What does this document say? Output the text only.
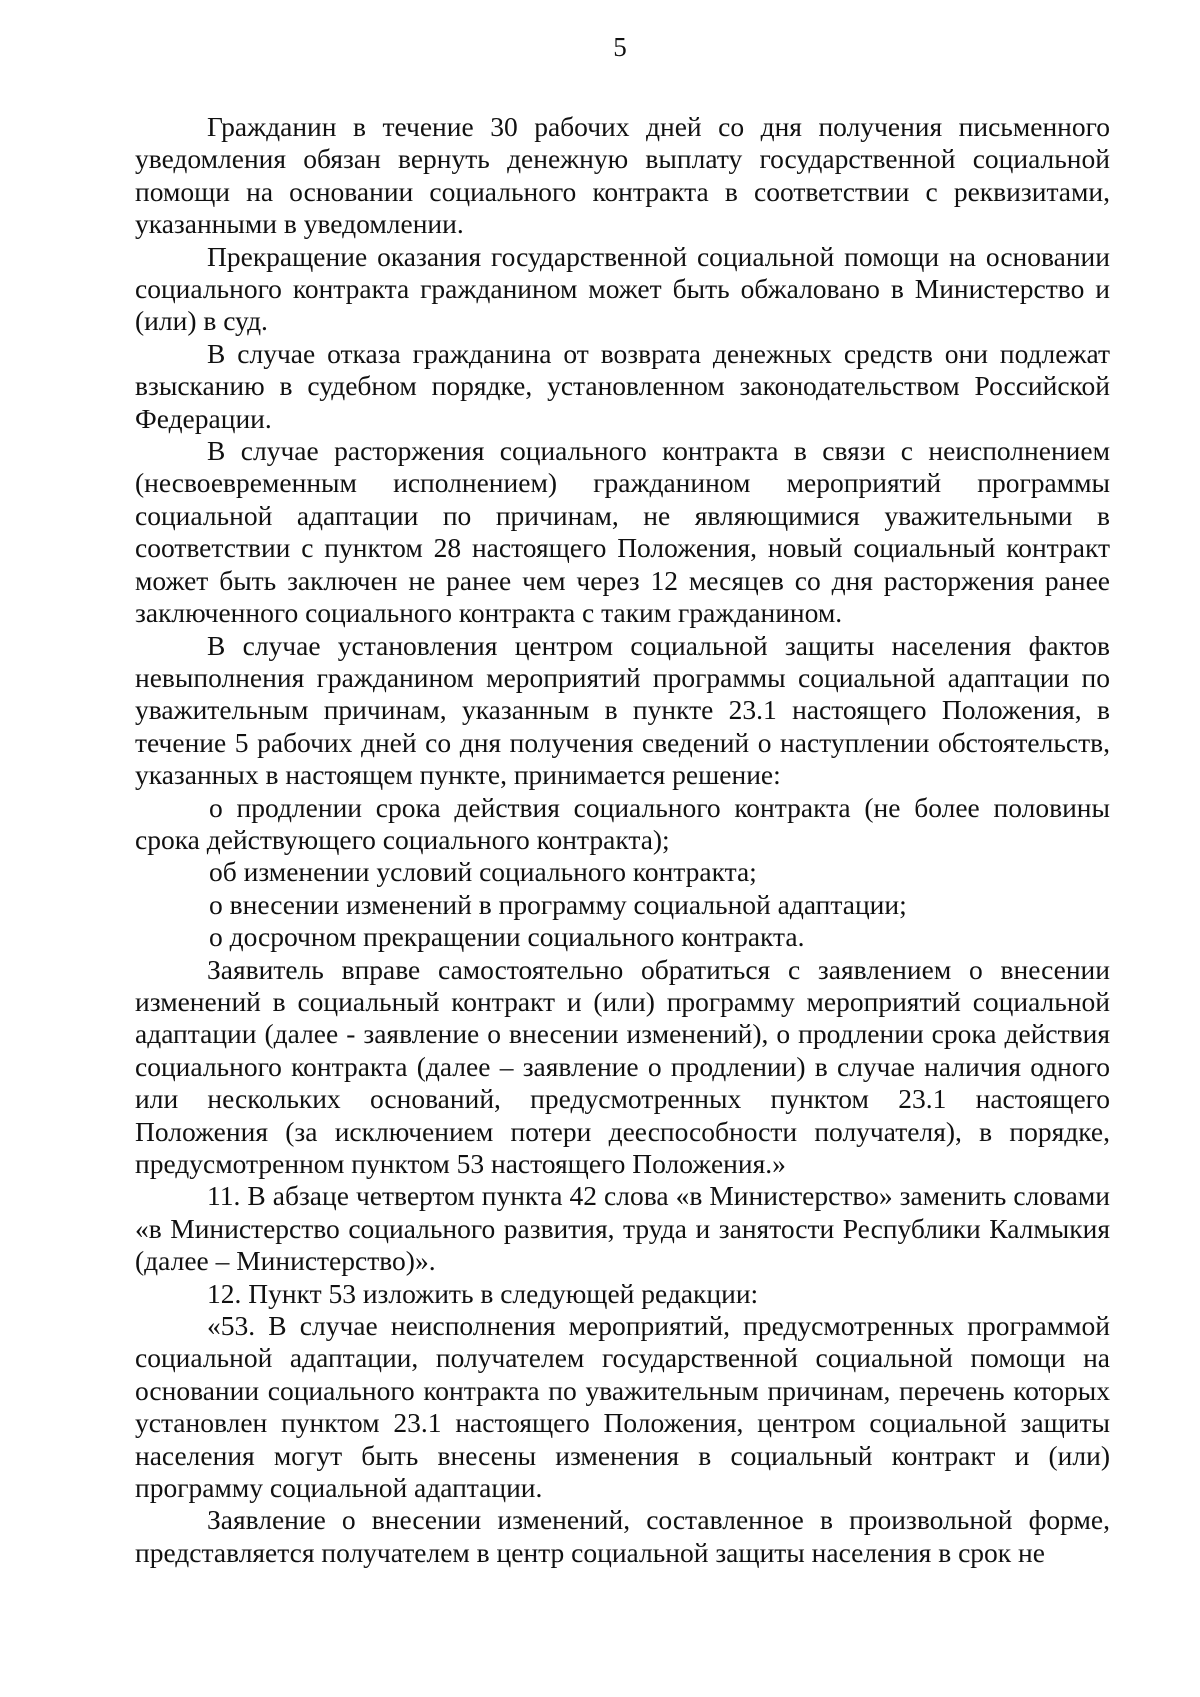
5

Гражданин в течение 30 рабочих дней со дня получения письменного уведомления обязан вернуть денежную выплату государственной социальной помощи на основании социального контракта в соответствии с реквизитами, указанными в уведомлении.

Прекращение оказания государственной социальной помощи на основании социального контракта гражданином может быть обжаловано в Министерство и (или) в суд.

В случае отказа гражданина от возврата денежных средств они подлежат взысканию в судебном порядке, установленном законодательством Российской Федерации.

В случае расторжения социального контракта в связи с неисполнением (несвоевременным исполнением) гражданином мероприятий программы социальной адаптации по причинам, не являющимися уважительными в соответствии с пунктом 28 настоящего Положения, новый социальный контракт может быть заключен не ранее чем через 12 месяцев со дня расторжения ранее заключенного социального контракта с таким гражданином.

В случае установления центром социальной защиты населения фактов невыполнения гражданином мероприятий программы социальной адаптации по уважительным причинам, указанным в пункте 23.1 настоящего Положения, в течение 5 рабочих дней со дня получения сведений о наступлении обстоятельств, указанных в настоящем пункте, принимается решение:

о продлении срока действия социального контракта (не более половины срока действующего социального контракта);

об изменении условий социального контракта;

о внесении изменений в программу социальной адаптации;

о досрочном прекращении социального контракта.

Заявитель вправе самостоятельно обратиться с заявлением о внесении изменений в социальный контракт и (или) программу мероприятий социальной адаптации (далее - заявление о внесении изменений), о продлении срока действия социального контракта (далее – заявление о продлении) в случае наличия одного или нескольких оснований, предусмотренных пунктом 23.1 настоящего Положения (за исключением потери дееспособности получателя), в порядке, предусмотренном пунктом 53 настоящего Положения.»

11. В абзаце четвертом пункта 42 слова «в Министерство» заменить словами «в Министерство социального развития, труда и занятости Республики Калмыкия (далее – Министерство)».

12. Пункт 53 изложить в следующей редакции:

«53. В случае неисполнения мероприятий, предусмотренных программой социальной адаптации, получателем государственной социальной помощи на основании социального контракта по уважительным причинам, перечень которых установлен пунктом 23.1 настоящего Положения, центром социальной защиты населения могут быть внесены изменения в социальный контракт и (или) программу социальной адаптации.

Заявление о внесении изменений, составленное в произвольной форме, представляется получателем в центр социальной защиты населения в срок не
